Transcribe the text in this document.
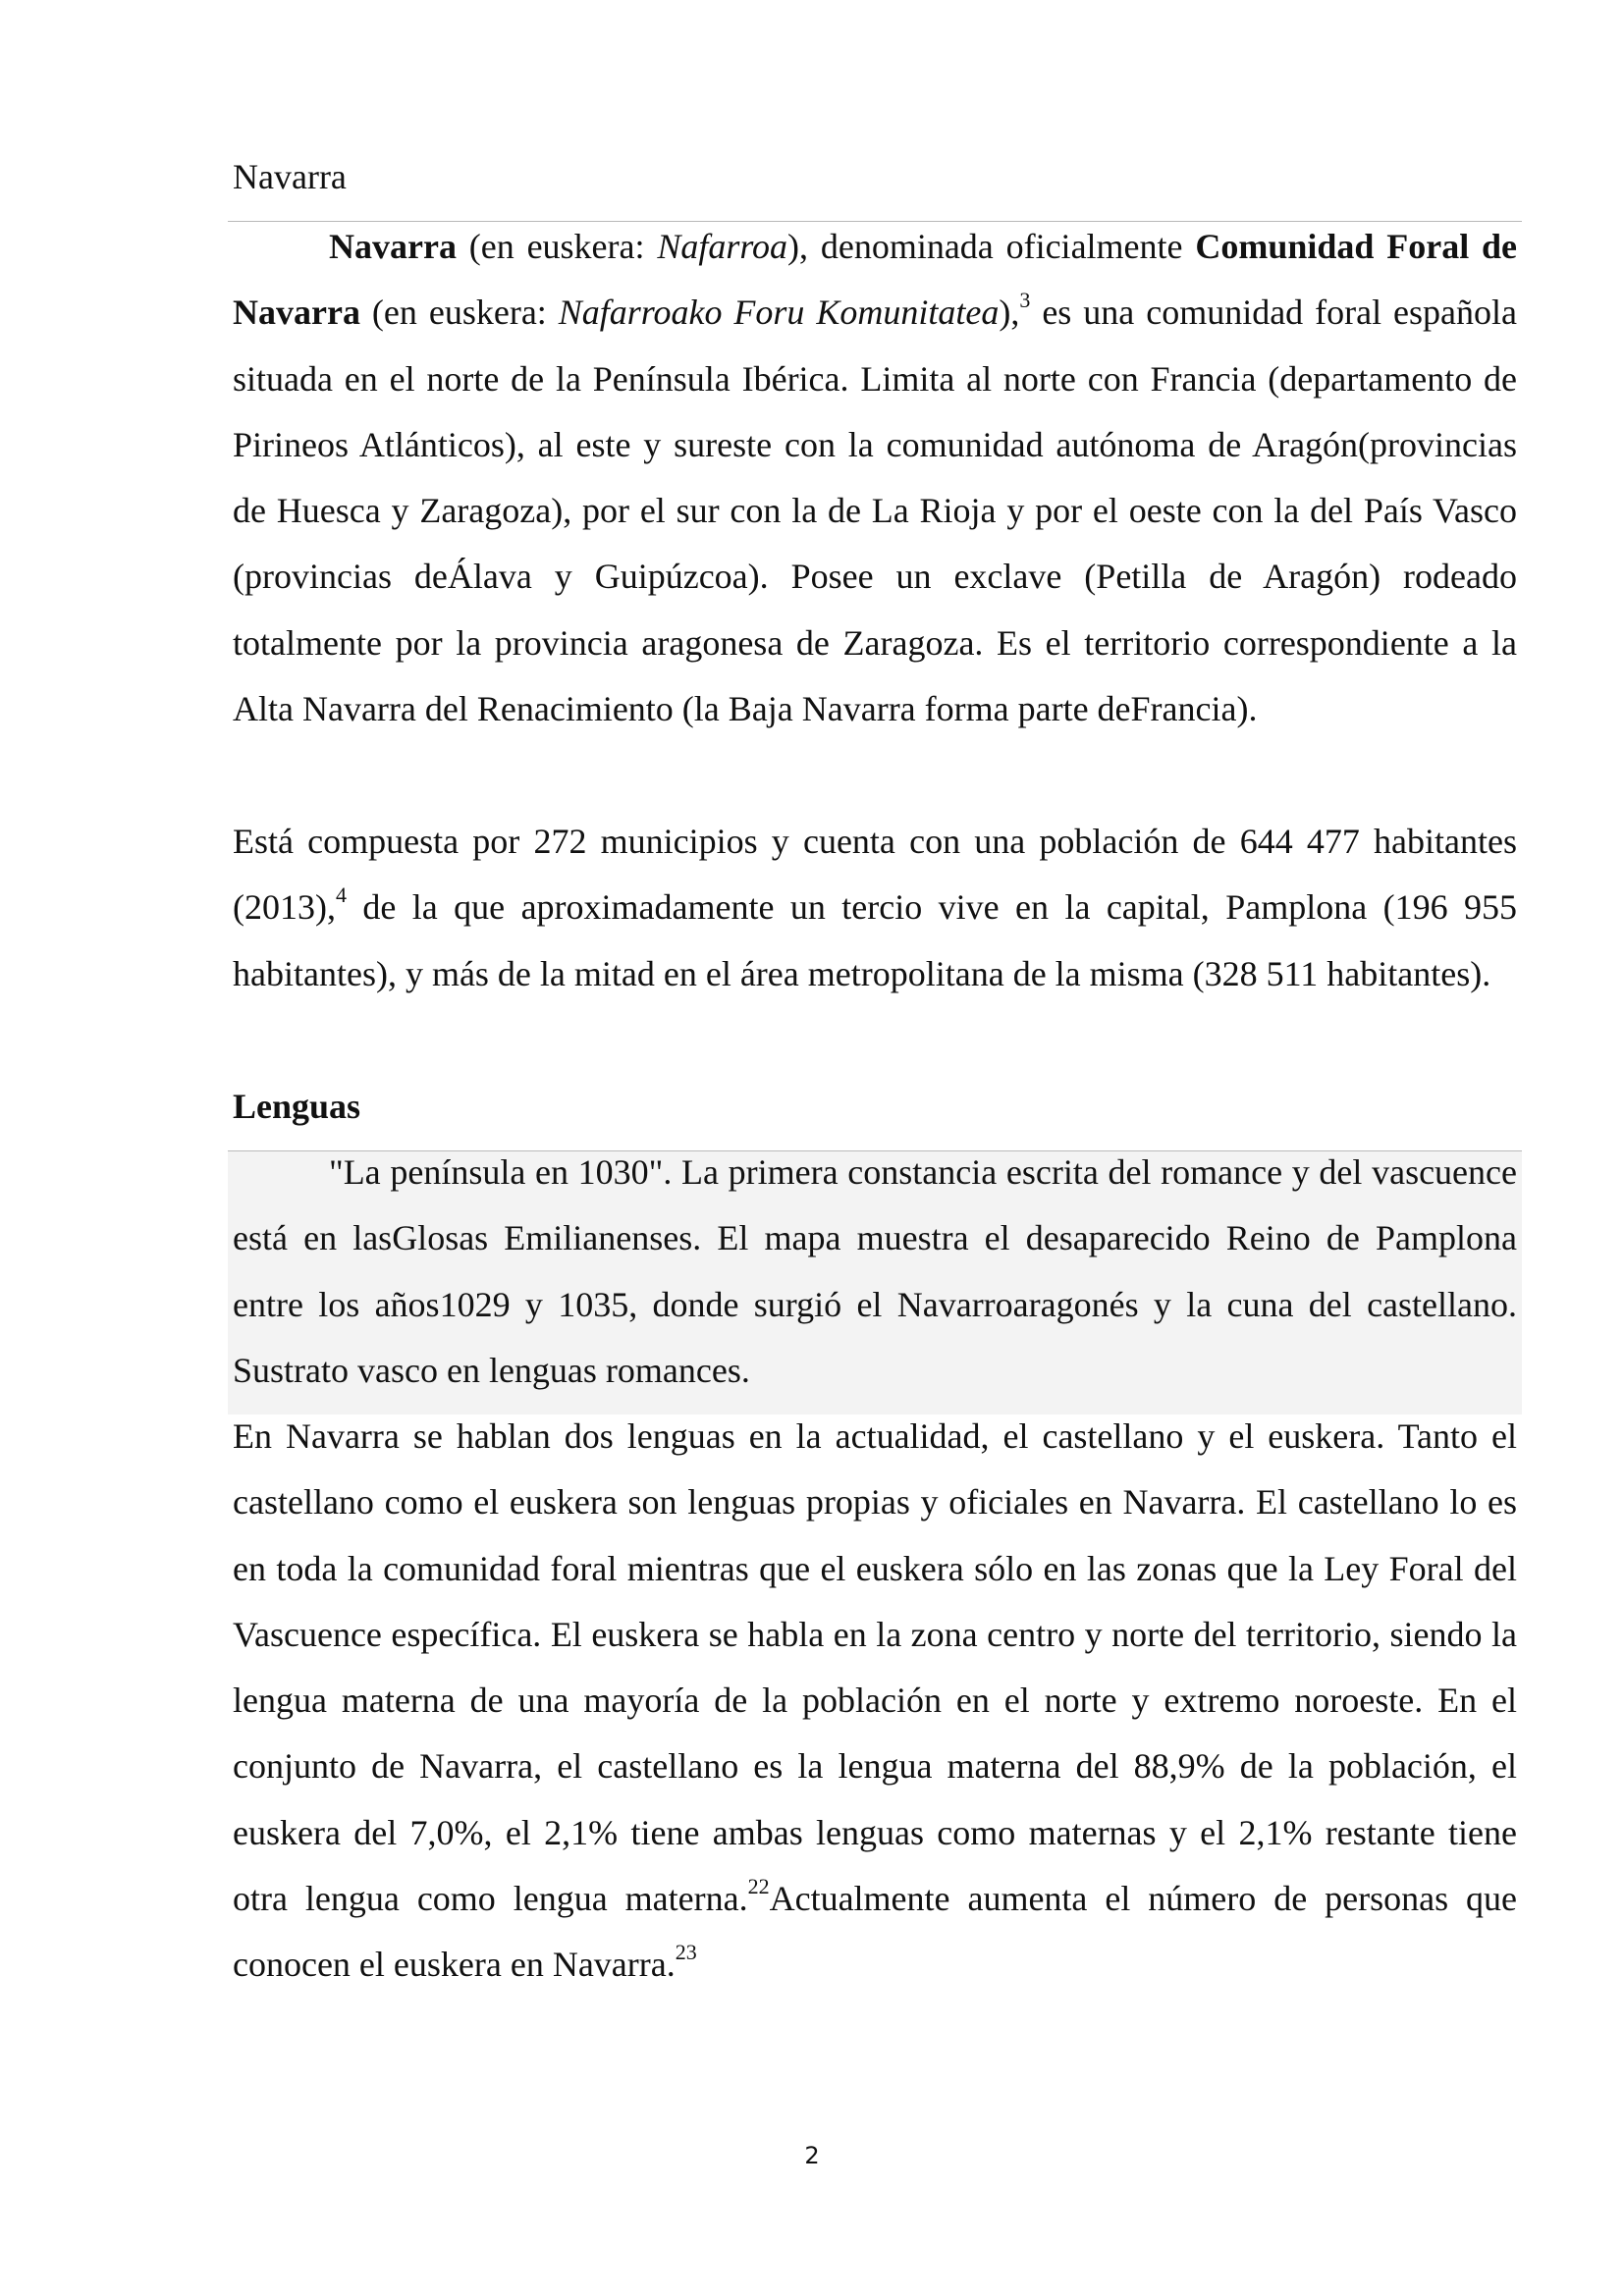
Navarra

Navarra (en euskera: Nafarroa), denominada oficialmente Comunidad Foral de Navarra (en euskera: Nafarroako Foru Komunitatea),$^3$ es una comunidad foral española situada en el norte de la Península Ibérica. Limita al norte con Francia (departamento de Pirineos Atlánticos), al este y sureste con la comunidad autónoma de Aragón(provincias de Huesca y Zaragoza), por el sur con la de La Rioja y por el oeste con la del País Vasco (provincias deÁlava y Guipúzcoa). Posee un exclave (Petilla de Aragón) rodeado totalmente por la provincia aragonesa de Zaragoza. Es el territorio correspondiente a la Alta Navarra del Renacimiento (la Baja Navarra forma parte deFrancia).

Está compuesta por 272 municipios y cuenta con una población de 644 477 habitantes (2013),$^4$ de la que aproximadamente un tercio vive en la capital, Pamplona (196 955 habitantes), y más de la mitad en el área metropolitana de la misma (328 511 habitantes).

Lenguas

"La península en 1030". La primera constancia escrita del romance y del vascuence está en lasGlosas Emilianenses. El mapa muestra el desaparecido Reino de Pamplona entre los años1029 y 1035, donde surgió el Navarroaragonés y la cuna del castellano. Sustrato vasco en lenguas romances.

En Navarra se hablan dos lenguas en la actualidad, el castellano y el euskera. Tanto el castellano como el euskera son lenguas propias y oficiales en Navarra. El castellano lo es en toda la comunidad foral mientras que el euskera sólo en las zonas que la Ley Foral del Vascuence específica. El euskera se habla en la zona centro y norte del territorio, siendo la lengua materna de una mayoría de la población en el norte y extremo noroeste. En el conjunto de Navarra, el castellano es la lengua materna del 88,9% de la población, el euskera del 7,0%, el 2,1% tiene ambas lenguas como maternas y el 2,1% restante tiene otra lengua como lengua materna.$^{22}$Actualmente aumenta el número de personas que conocen el euskera en Navarra.$^{23}$

2
